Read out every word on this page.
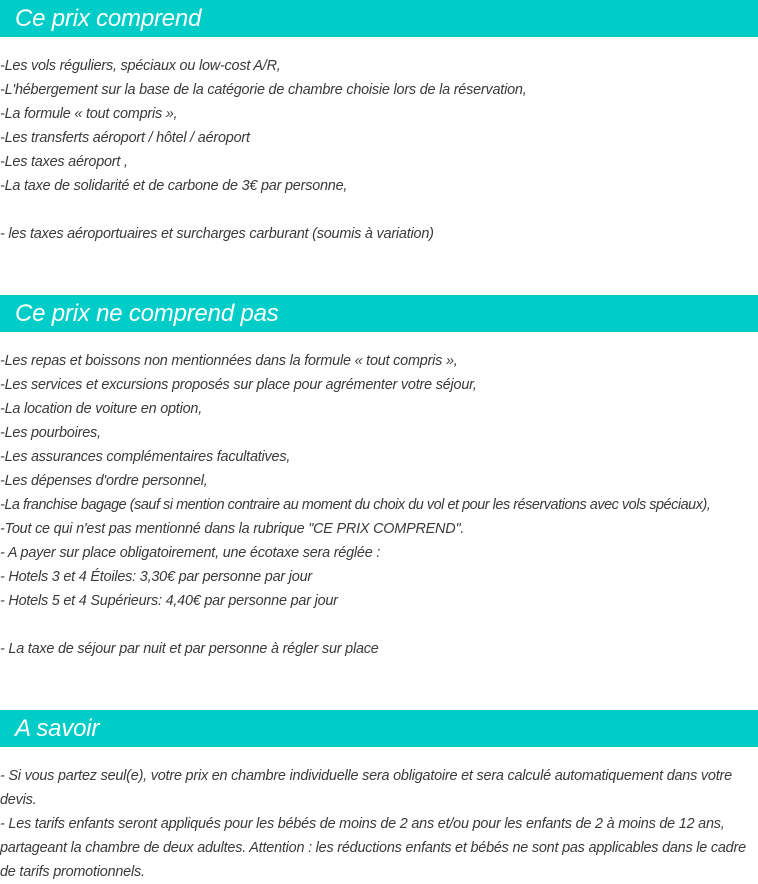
Ce prix comprend
-Les vols réguliers, spéciaux ou low-cost A/R,
-L'hébergement sur la base de la catégorie de chambre choisie lors de la réservation,
-La formule « tout compris »,
-Les transferts aéroport / hôtel / aéroport
-Les taxes aéroport ,
-La taxe de solidarité et de carbone de 3€ par personne,
- les taxes aéroportuaires et surcharges carburant (soumis à variation)
Ce prix ne comprend pas
-Les repas et boissons non mentionnées dans la formule « tout compris »,
-Les services et excursions proposés sur place pour agrémenter votre séjour,
-La location de voiture en option,
-Les pourboires,
-Les assurances complémentaires facultatives,
-Les dépenses d'ordre personnel,
-La franchise bagage (sauf si mention contraire au moment du choix du vol et pour les réservations avec vols spéciaux),
-Tout ce qui n'est pas mentionné dans la rubrique "CE PRIX COMPREND".
- A payer sur place obligatoirement, une écotaxe sera réglée :
- Hotels 3 et 4 Étoiles: 3,30€ par personne par jour
- Hotels 5 et 4 Supérieurs: 4,40€ par personne par jour
- La taxe de séjour par nuit et par personne à régler sur place
A savoir
- Si vous partez seul(e), votre prix en chambre individuelle sera obligatoire et sera calculé automatiquement dans votre devis.
- Les tarifs enfants seront appliqués pour les bébés de moins de 2 ans et/ou pour les enfants de 2 à moins de 12 ans, partageant la chambre de deux adultes. Attention : les réductions enfants et bébés ne sont pas applicables dans le cadre de tarifs promotionnels.
